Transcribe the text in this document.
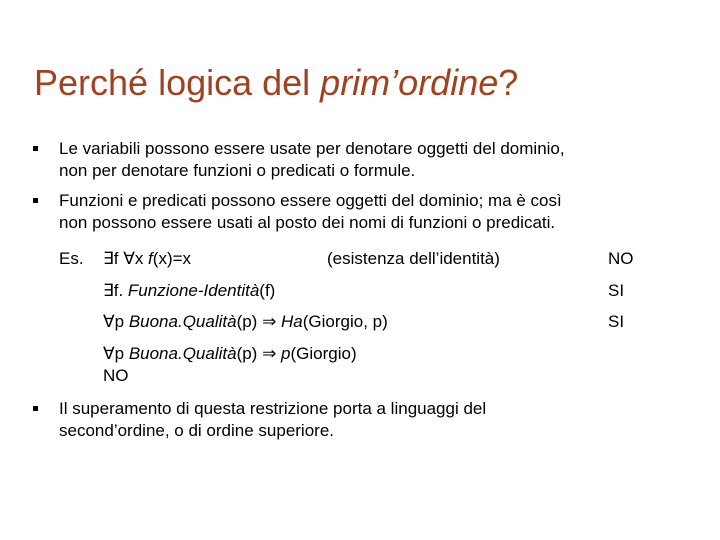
Perché logica del prim’ordine?
Le variabili possono essere usate per denotare oggetti del dominio,
non per denotare funzioni o predicati o formule.
Funzioni e predicati possono essere oggetti del dominio; ma è così
non possono essere usati al posto dei nomi di funzioni o predicati.
Es. ∃f ∀x f(x)=x	(esistenza dell’identità)	NO
∃f. Funzione-Identità(f)	SI
∀p Buona.Qualità(p) ⇒ Ha(Giorgio, p)	SI
∀p Buona.Qualità(p) ⇒ p(Giorgio)
NO
Il superamento di questa restrizione porta a linguaggi del
second’ordine, o di ordine superiore.
